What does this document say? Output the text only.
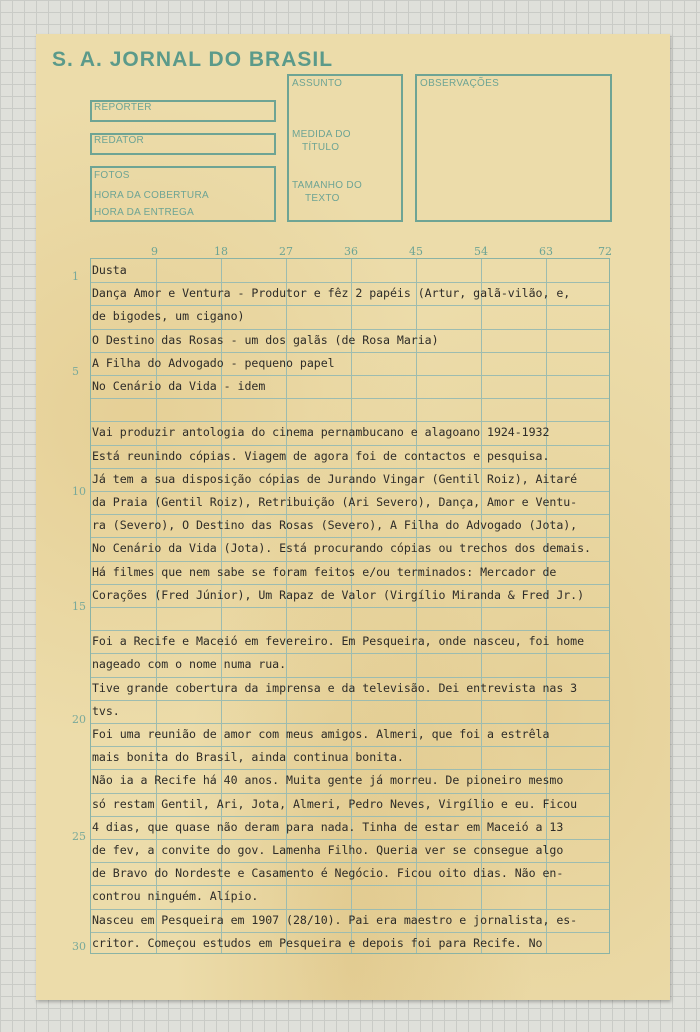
S. A. JORNAL DO BRASIL
REPÓRTER
REDATOR
FOTOS
HORA DA COBERTURA
HORA DA ENTREGA
ASSUNTO
MEDIDA DO
TÍTULO
TAMANHO DO
TEXTO
OBSERVAÇÕES
9	18	27	36	45	54	63	72
1
5
10
15
20
25
30
Dusta
Dança Amor e Ventura - Produtor e fêz 2 papéis (Artur, galã-vilão, e,
de bigodes, um cigano)
O Destino das Rosas - um dos galãs (de Rosa Maria)
A Filha do Advogado - pequeno papel
No Cenário da Vida - idem
Vai produzir antologia do cinema pernambucano e alagoano 1924-1932
Está reunindo cópias. Viagem de agora foi de contactos e pesquisa.
Já tem a sua disposição cópias de Jurando Vingar (Gentil Roiz), Aitaré
da Praia (Gentil Roiz), Retribuição (Ari Severo), Dança, Amor e Ventu-
ra (Severo), O Destino das Rosas (Severo), A Filha do Advogado (Jota),
No Cenário da Vida (Jota). Está procurando cópias ou trechos dos demais.
Há filmes que nem sabe se foram feitos e/ou terminados: Mercador de
Corações (Fred Júnior), Um Rapaz de Valor (Virgílio Miranda & Fred Jr.)
Foi a Recife e Maceió em fevereiro. Em Pesqueira, onde nasceu, foi home
nageado com o nome numa rua.
Tive grande cobertura da imprensa e da televisão. Dei entrevista nas 3
tvs.
Foi uma reunião de amor com meus amigos. Almeri, que foi a estrêla
mais bonita do Brasil, ainda continua bonita.
Não ia a Recife há 40 anos. Muita gente já morreu. De pioneiro mesmo
só restam Gentil, Ari, Jota, Almeri, Pedro Neves, Virgílio e eu. Ficou
4 dias, que quase não deram para nada. Tinha de estar em Maceió a 13
de fev, a convite do gov. Lamenha Filho. Queria ver se consegue algo
de Bravo do Nordeste e Casamento é Negócio. Ficou oito dias. Não en-
controu ninguém. Alípio.
Nasceu em Pesqueira em 1907 (28/10). Pai era maestro e jornalista, es-
critor. Começou estudos em Pesqueira e depois foi para Recife. No
